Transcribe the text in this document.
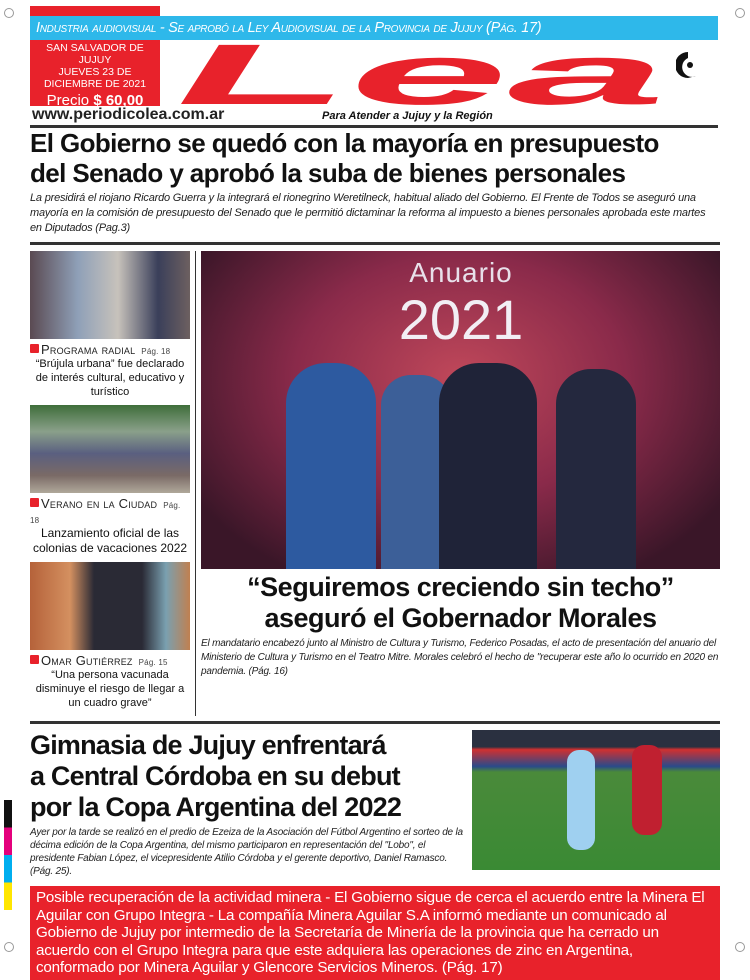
Lea
SAN SALVADOR DE JUJUY
JUEVES 23 DE
DICIEMBRE DE 2021
Precio $ 60,00
Industria audiovisual - Se aprobó la Ley Audiovisual de la Provincia de Jujuy (Pág. 17)
www.periodicolea.com.ar	Para Atender a Jujuy y la Región
El Gobierno se quedó con la mayoría en presupuesto
del Senado y aprobó la suba de bienes personales
La presidirá el riojano Ricardo Guerra y la integrará el rionegrino Weretilneck, habitual aliado del Gobierno. El Frente de Todos se aseguró una mayoría en la comisión de presupuesto del Senado que le permitió dictaminar la reforma al impuesto a bienes personales aprobada este martes en Diputados (Pag.3)
Programa radial Pág. 18
“Brújula urbana” fue declarado de interés cultural, educativo y turístico
Verano en la Ciudad Pág. 18
Lanzamiento oficial de las colonias de vacaciones 2022
Omar Gutiérrez Pág. 15
“Una persona vacunada disminuye el riesgo de llegar a un cuadro grave”
Anuario
2021
“Seguiremos creciendo sin techo”
aseguró el Gobernador Morales
El mandatario encabezó junto al Ministro de Cultura y Turismo, Federico Posadas, el acto de presentación del anuario del Ministerio de Cultura y Turismo en el Teatro Mitre. Morales celebró el hecho de "recuperar este año lo ocurrido en 2020 en pandemia. (Pág. 16)
Gimnasia de Jujuy enfrentará
a Central Córdoba en su debut
por la Copa Argentina del 2022
Ayer por la tarde se realizó en el predio de Ezeiza de la Asociación del Fútbol Argentino el sorteo de la décima edición de la Copa Argentina, del mismo participaron en representación del "Lobo", el presidente Fabian López, el vicepresidente Atilio Córdoba y el gerente deportivo, Daniel Ramasco. (Pág. 25).
Posible recuperación de la actividad minera - El Gobierno sigue de cerca el acuerdo entre la Minera El Aguilar con Grupo Integra - La compañía Minera Aguilar S.A informó mediante un comunicado al Gobierno de Jujuy por intermedio de la Secretaría de Minería de la provincia que ha cerrado un acuerdo con el Grupo Integra para que este adquiera las operaciones de zinc en Argentina, conformado por Minera Aguilar y Glencore Servicios Mineros. (Pág. 17)
